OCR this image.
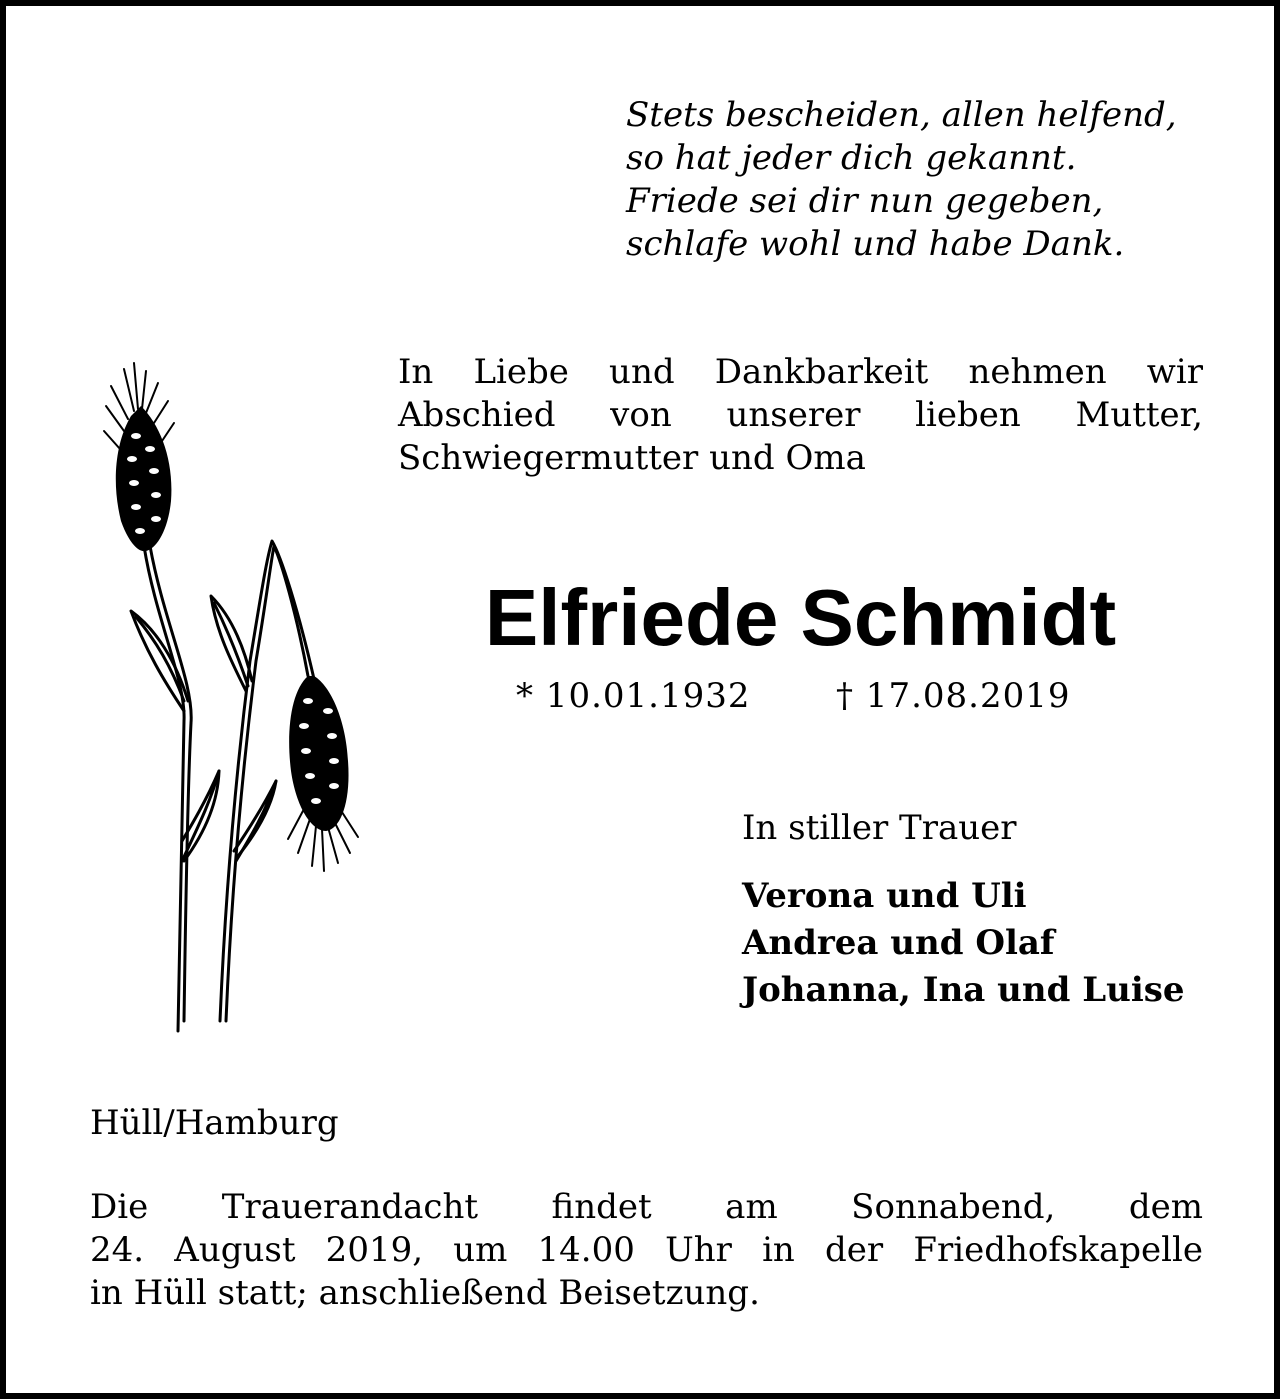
Stets bescheiden, allen helfend,
so hat jeder dich gekannt.
Friede sei dir nun gegeben,
schlafe wohl und habe Dank.
In Liebe und Dankbarkeit nehmen wir
Abschied von unserer lieben Mutter,
Schwiegermutter und Oma
Elfriede Schmidt
* 10.01.1932	† 17.08.2019
In stiller Trauer
Verona und Uli
Andrea und Olaf
Johanna, Ina und Luise
Hüll/Hamburg
Die Trauerandacht findet am Sonnabend, dem
24. August 2019, um 14.00 Uhr in der Friedhofskapelle
in Hüll statt; anschließend Beisetzung.
